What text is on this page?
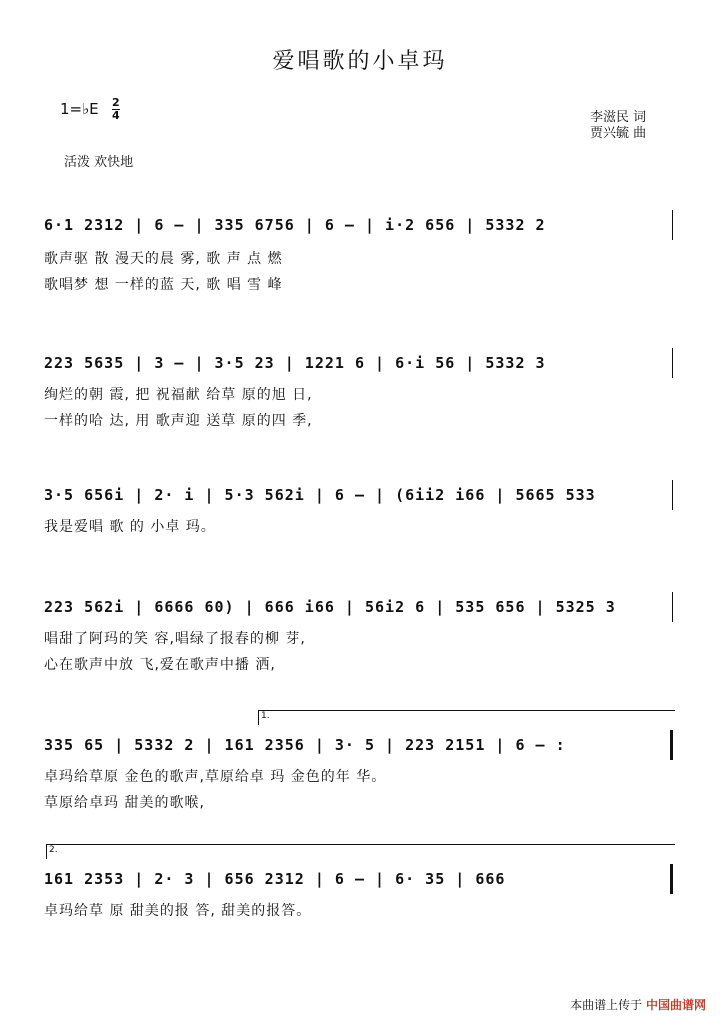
爱唱歌的小卓玛
1=♭E 2
4	李滋民 词
贾兴毓 曲
活泼 欢快地
6·1 2312 | 6 – | 335 6756 | 6 – | i·2 656 | 5332 2
歌声驱 散 漫天的晨 雾, 歌 声 点 燃
歌唱梦 想 一样的蓝 天, 歌 唱 雪 峰
223 5635 | 3 – | 3·5 23 | 1221 6 | 6·i 56 | 5332 3
绚烂的朝 霞, 把 祝福献 给草 原的旭 日,
一样的哈 达, 用 歌声迎 送草 原的四 季,
3·5 656i | 2· i | 5·3 562i | 6 – | (6ii2 i66 | 5665 533
我是爱唱 歌 的 小卓 玛。
223 562i | 6666 60) | 666 i66 | 56i2 6 | 535 656 | 5325 3
唱甜了阿玛的笑 容,唱绿了报春的柳 芽,
心在歌声中放 飞,爱在歌声中播 洒,
1.
335 65 | 5332 2 | 161 2356 | 3· 5 | 223 2151 | 6 – :
卓玛给草原 金色的歌声,草原给卓 玛 金色的年 华。
草原给卓玛 甜美的歌喉,
2.
161 2353 | 2· 3 | 656 2312 | 6 – | 6· 35 | 666
卓玛给草 原 甜美的报 答, 甜美的报答。
本曲谱上传于 中国曲谱网
